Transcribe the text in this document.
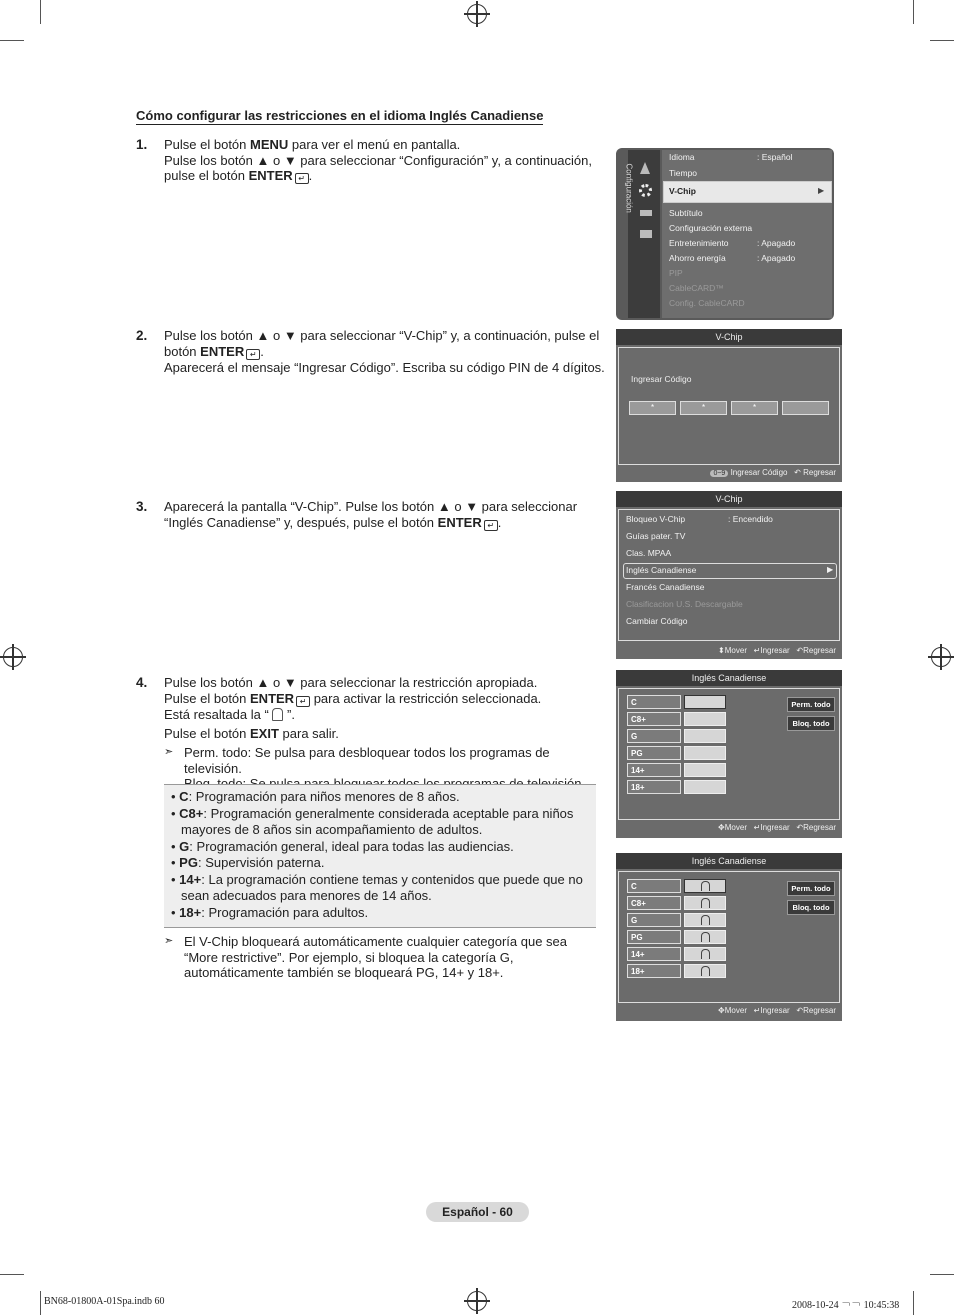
Cómo configurar las restricciones en el idioma Inglés Canadiense
1. Pulse el botón MENU para ver el menú en pantalla.
Pulse los botón ▲ o ▼ para seleccionar “Configuración” y, a continuación,
pulse el botón ENTER ↵ .	Configuración
Idioma	: Español
Tiempo
V-Chip	▶
Subtítulo
Configuración externa
Entretenimiento	: Apagado
Ahorro energía	: Apagado
PIP
CableCARD™
Config. CableCARD
2. Pulse los botón ▲ o ▼ para seleccionar “V-Chip” y, a continuación, pulse el
botón ENTER ↵ .
Aparecerá el mensaje “Ingresar Código”. Escriba su código PIN de 4 dígitos.
V-Chip
Ingresar Código
*	*	*
0~9 Ingresar Código ↶ Regresar
3. Aparecerá la pantalla “V-Chip”. Pulse los botón ▲ o ▼ para seleccionar
“Inglés Canadiense” y, después, pulse el botón ENTER ↵ .
V-Chip
Bloqueo V-Chip	: Encendido
Guías pater. TV
Clas. MPAA
▶
Inglés Canadiense
Francés Canadiense
Clasificacion U.S. Descargable
Cambiar Código
⬍Mover ↵Ingresar ↶Regresar
4. Pulse los botón ▲ o ▼ para seleccionar la restricción apropiada.
Pulse el botón ENTER ↵ para activar la restricción seleccionada.
Está resaltada la “  ”.
Pulse el botón EXIT para salir.
➣ Perm. todo: Se pulsa para desbloquear todos los programas de televisión.
• C: Programación para niños menores de 8 años.
• C8+: Programación generalmente considerada aceptable para niños
mayores de 8 años sin acompañamiento de adultos.
• G: Programación general, ideal para todas las audiencias.
• PG: Supervisión paterna.
• 14+: La programación contiene temas y contenidos que puede que no
sean adecuados para menores de 14 años.
• 18+: Programación para adultos.
➣ El V-Chip bloqueará automáticamente cualquier categoría que sea
“More restrictive”. Por ejemplo, si bloquea la categoría G,
automáticamente también se bloqueará PG, 14+ y 18+.
Inglés Canadiense
Perm. todo
Bloq. todo
C
C8+
G
PG
14+
18+
✥Mover ↵Ingresar ↶Regresar
Inglés Canadiense
Perm. todo
Bloq. todo
C
C8+
G
PG
14+
18+
✥Mover ↵Ingresar ↶Regresar
Español - 60
BN68-01800A-01Spa.indb 60	2008-10-24 ￢￢ 10:45:38
